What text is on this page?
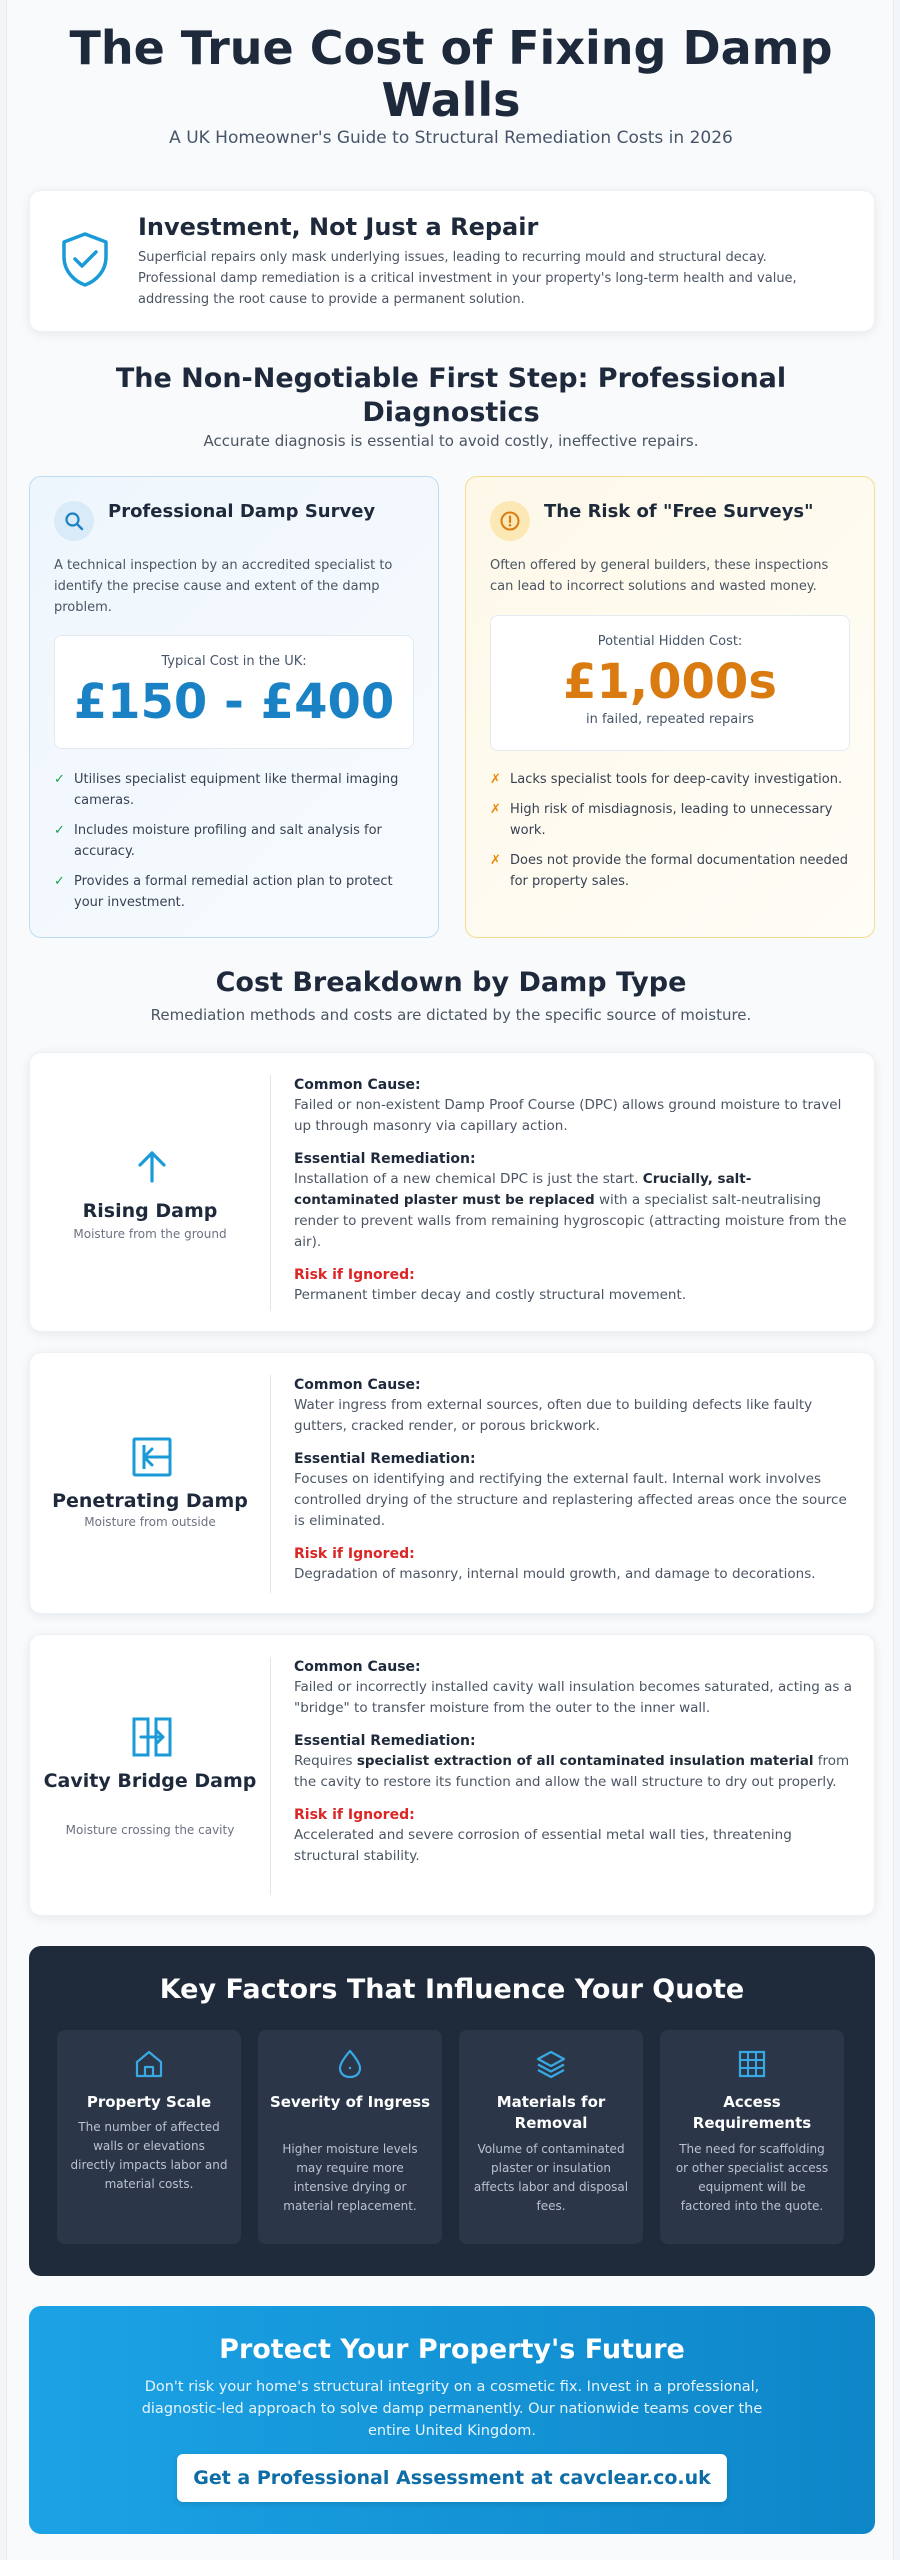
The True Cost of Fixing Damp Walls
A UK Homeowner's Guide to Structural Remediation Costs in 2026
Investment, Not Just a Repair
Superficial repairs only mask underlying issues, leading to recurring mould and structural decay. Professional damp remediation is a critical investment in your property's long-term health and value, addressing the root cause to provide a permanent solution.
The Non-Negotiable First Step: Professional Diagnostics
Accurate diagnosis is essential to avoid costly, ineffective repairs.
Professional Damp Survey
A technical inspection by an accredited specialist to identify the precise cause and extent of the damp problem.
Typical Cost in the UK:
£150 - £400
✓ Utilises specialist equipment like thermal imaging cameras.
✓ Includes moisture profiling and salt analysis for accuracy.
✓ Provides a formal remedial action plan to protect your investment.
The Risk of "Free Surveys"
Often offered by general builders, these inspections can lead to incorrect solutions and wasted money.
Potential Hidden Cost:
£1,000s
in failed, repeated repairs
✗ Lacks specialist tools for deep-cavity investigation.
✗ High risk of misdiagnosis, leading to unnecessary work.
✗ Does not provide the formal documentation needed for property sales.
Cost Breakdown by Damp Type
Remediation methods and costs are dictated by the specific source of moisture.
Rising Damp
Moisture from the ground
Common Cause:
Failed or non-existent Damp Proof Course (DPC) allows ground moisture to travel up through masonry via capillary action.
Essential Remediation:
Installation of a new chemical DPC is just the start. Crucially, salt-contaminated plaster must be replaced with a specialist salt-neutralising render to prevent walls from remaining hygroscopic (attracting moisture from the air).
Risk if Ignored:
Permanent timber decay and costly structural movement.
Penetrating Damp
Moisture from outside
Common Cause:
Water ingress from external sources, often due to building defects like faulty gutters, cracked render, or porous brickwork.
Essential Remediation:
Focuses on identifying and rectifying the external fault. Internal work involves controlled drying of the structure and replastering affected areas once the source is eliminated.
Risk if Ignored:
Degradation of masonry, internal mould growth, and damage to decorations.
Cavity Bridge Damp
Moisture crossing the cavity
Common Cause:
Failed or incorrectly installed cavity wall insulation becomes saturated, acting as a "bridge" to transfer moisture from the outer to the inner wall.
Essential Remediation:
Requires specialist extraction of all contaminated insulation material from the cavity to restore its function and allow the wall structure to dry out properly.
Risk if Ignored:
Accelerated and severe corrosion of essential metal wall ties, threatening structural stability.
Key Factors That Influence Your Quote
Property Scale
The number of affected walls or elevations directly impacts labor and material costs.
Severity of Ingress
Higher moisture levels may require more intensive drying or material replacement.
Materials for Removal
Volume of contaminated plaster or insulation affects labor and disposal fees.
Access Requirements
The need for scaffolding or other specialist access equipment will be factored into the quote.
Protect Your Property's Future
Don't risk your home's structural integrity on a cosmetic fix. Invest in a professional, diagnostic-led approach to solve damp permanently. Our nationwide teams cover the entire United Kingdom.
Get a Professional Assessment at cavclear.co.uk
